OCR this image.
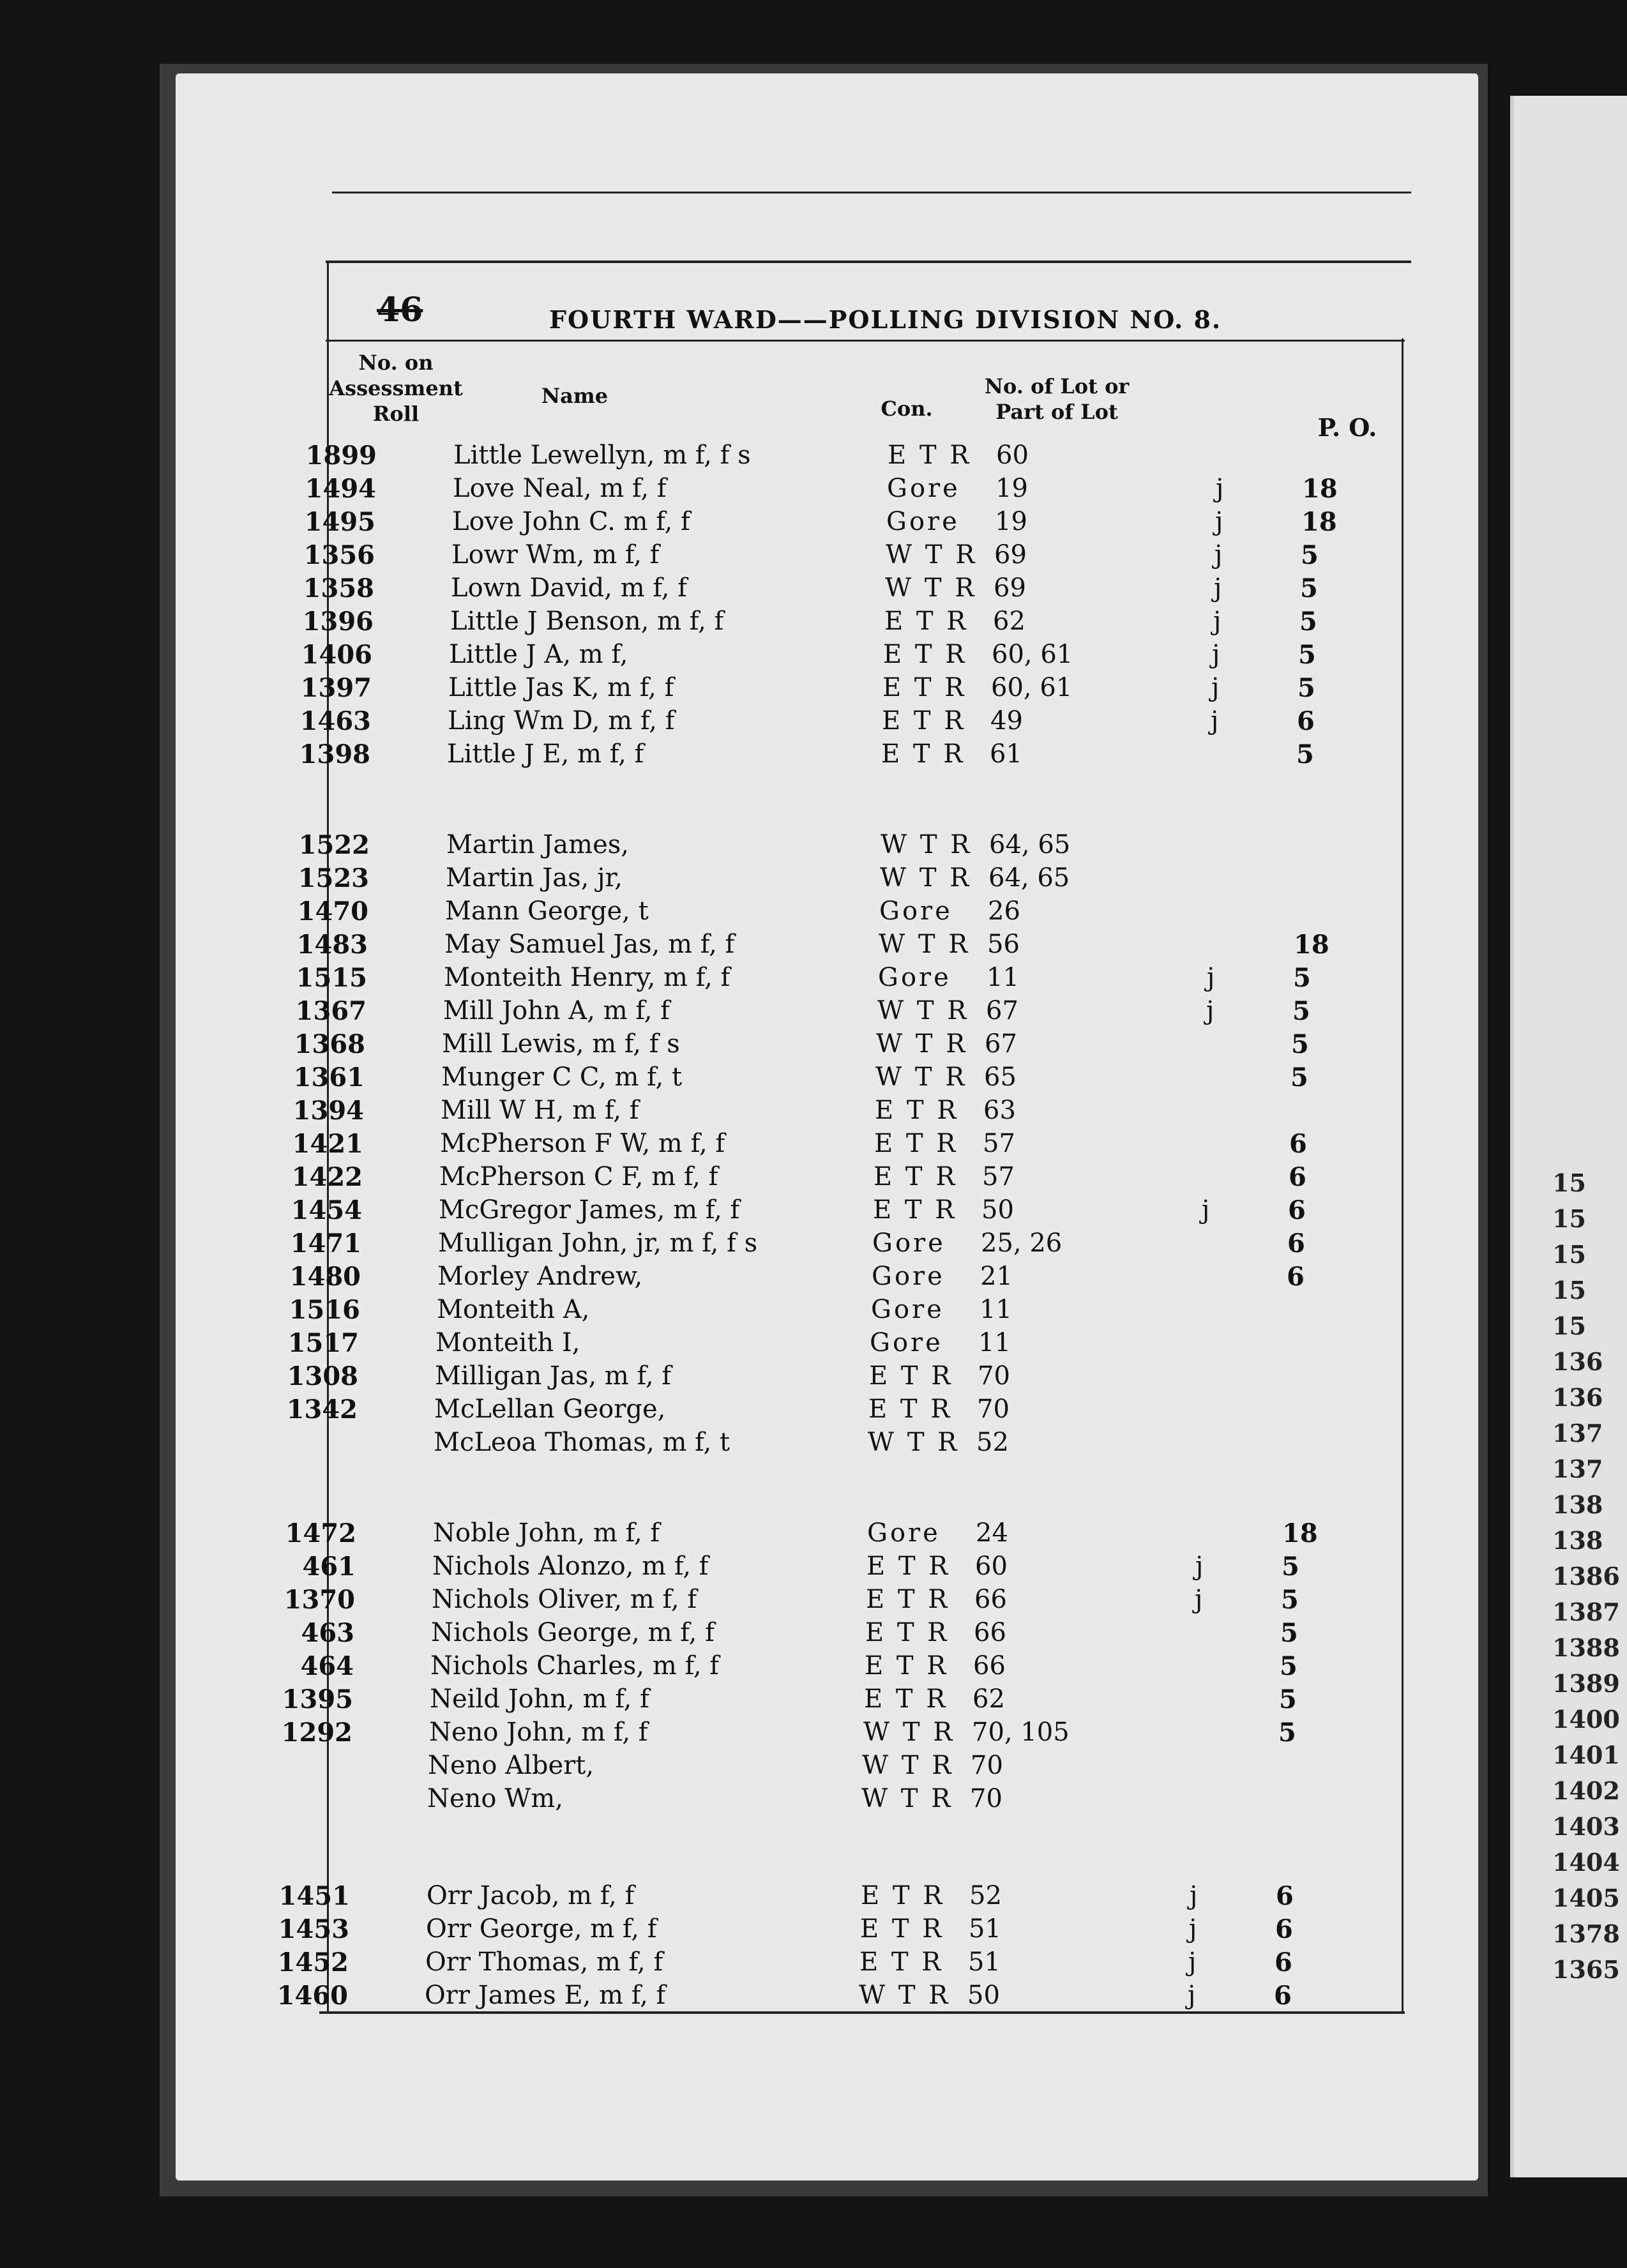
15
15
15
15
15
136
136
137
137
138
138
1386
1387
1388
1389
1400
1401
1402
1403
1404
1405
1378
1365
46	FOURTH WARD——POLLING DIVISION NO. 8.
No. on Assessment Roll
Name
Con.
No. of Lot or Part of Lot
P. O.
1899	Little Lewellyn, m f, f s	E T R 60
1494	Love Neal, m f, f	Gore 19	j	18
1495	Love John C. m f, f	Gore 19	j	18
1356	Lowr Wm, m f, f	W T R 69	j	5
1358	Lown David, m f, f	W T R 69	j	5
1396	Little J Benson, m f, f	E T R 62	j	5
1406	Little J A, m f,	E T R 60, 61	j	5
1397	Little Jas K, m f, f	E T R 60, 61	j	5
1463	Ling Wm D, m f, f	E T R 49	j	6
1398	Little J E, m f, f	E T R 61	5
1522	Martin James,	W T R 64, 65
1523	Martin Jas, jr,	W T R 64, 65
1470	Mann George, t	Gore 26
1483	May Samuel Jas, m f, f	W T R 56	18
1515	Monteith Henry, m f, f	Gore 11	j	5
1367	Mill John A, m f, f	W T R 67	j	5
1368	Mill Lewis, m f, f s	W T R 67	5
1361	Munger C C, m f, t	W T R 65	5
1394	Mill W H, m f, f	E T R 63
1421	McPherson F W, m f, f	E T R 57	6
1422	McPherson C F, m f, f	E T R 57	6
1454	McGregor James, m f, f	E T R 50	j	6
1471	Mulligan John, jr, m f, f s	Gore 25, 26	6
1480	Morley Andrew,	Gore 21	6
1516	Monteith A,	Gore 11
1517	Monteith I,	Gore 11
1308	Milligan Jas, m f, f	E T R 70
1342	McLellan George,	E T R 70
McLeoa Thomas, m f, t	W T R 52
1472	Noble John, m f, f	Gore 24	18
461	Nichols Alonzo, m f, f	E T R 60	j	5
1370	Nichols Oliver, m f, f	E T R 66	j	5
463	Nichols George, m f, f	E T R 66	5
464	Nichols Charles, m f, f	E T R 66	5
1395	Neild John, m f, f	E T R 62	5
1292	Neno John, m f, f	W T R 70, 105	5
Neno Albert,	W T R 70
Neno Wm,	W T R 70
1451	Orr Jacob, m f, f	E T R 52	j	6
1453	Orr George, m f, f	E T R 51	j	6
1452	Orr Thomas, m f, f	E T R 51	j	6
1460	Orr James E, m f, f	W T R 50	j	6
